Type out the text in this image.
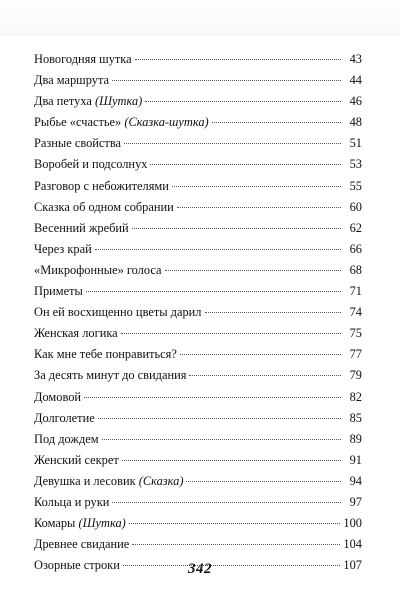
Новогодняя шутка	43
Два маршрута	44
Два петуха (Шутка)	46
Рыбье «счастье» (Сказка-шутка)	48
Разные свойства	51
Воробей и подсолнух	53
Разговор с небожителями	55
Сказка об одном собрании	60
Весенний жребий	62
Через край	66
«Микрофонные» голоса	68
Приметы	71
Он ей восхищенно цветы дарил	74
Женская логика	75
Как мне тебе понравиться?	77
За десять минут до свидания	79
Домовой	82
Долголетие	85
Под дождем	89
Женский секрет	91
Девушка и лесовик (Сказка)	94
Кольца и руки	97
Комары (Шутка)	100
Древнее свидание	104
Озорные строки	107
342
